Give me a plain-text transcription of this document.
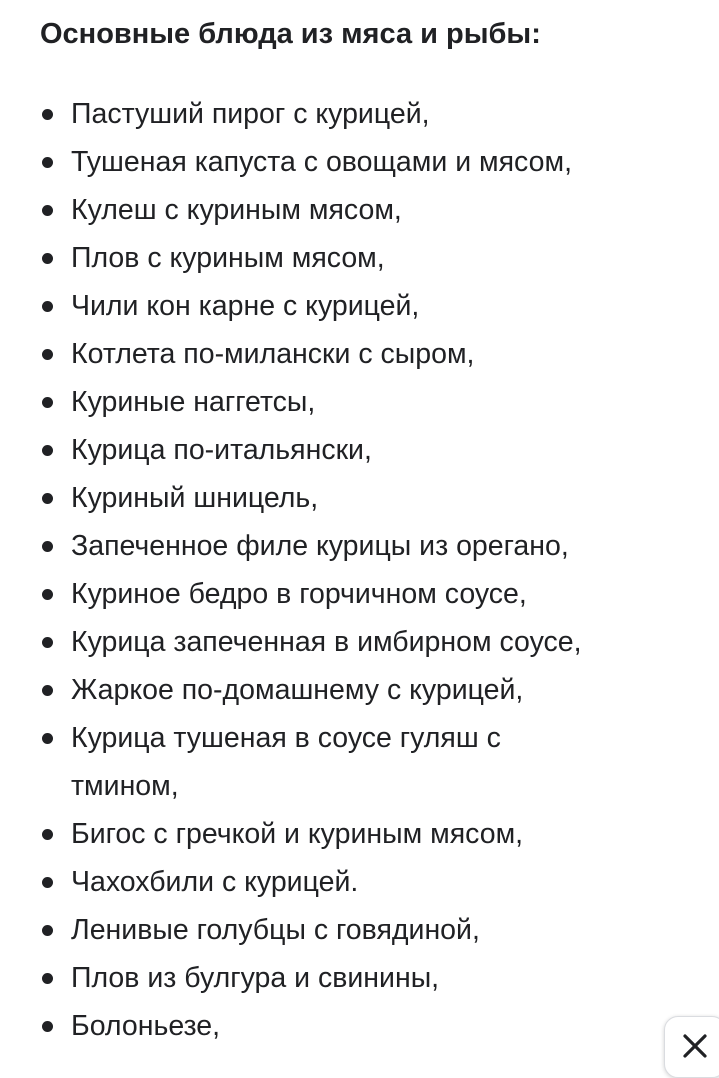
Основные блюда из мяса и рыбы:
Пастуший пирог с курицей,
Тушеная капуста с овощами и мясом,
Кулеш с куриным мясом,
Плов с куриным мясом,
Чили кон карне с курицей,
Котлета по-милански с сыром,
Куриные наггетсы,
Курица по-итальянски,
Куриный шницель,
Запеченное филе курицы из орегано,
Куриное бедро в горчичном соусе,
Курица запеченная в имбирном соусе,
Жаркое по-домашнему с курицей,
Курица тушеная в соусе гуляш с тмином,
Бигос с гречкой и куриным мясом,
Чахохбили с курицей.
Ленивые голубцы с говядиной,
Плов из булгура и свинины,
Болоньезе,
